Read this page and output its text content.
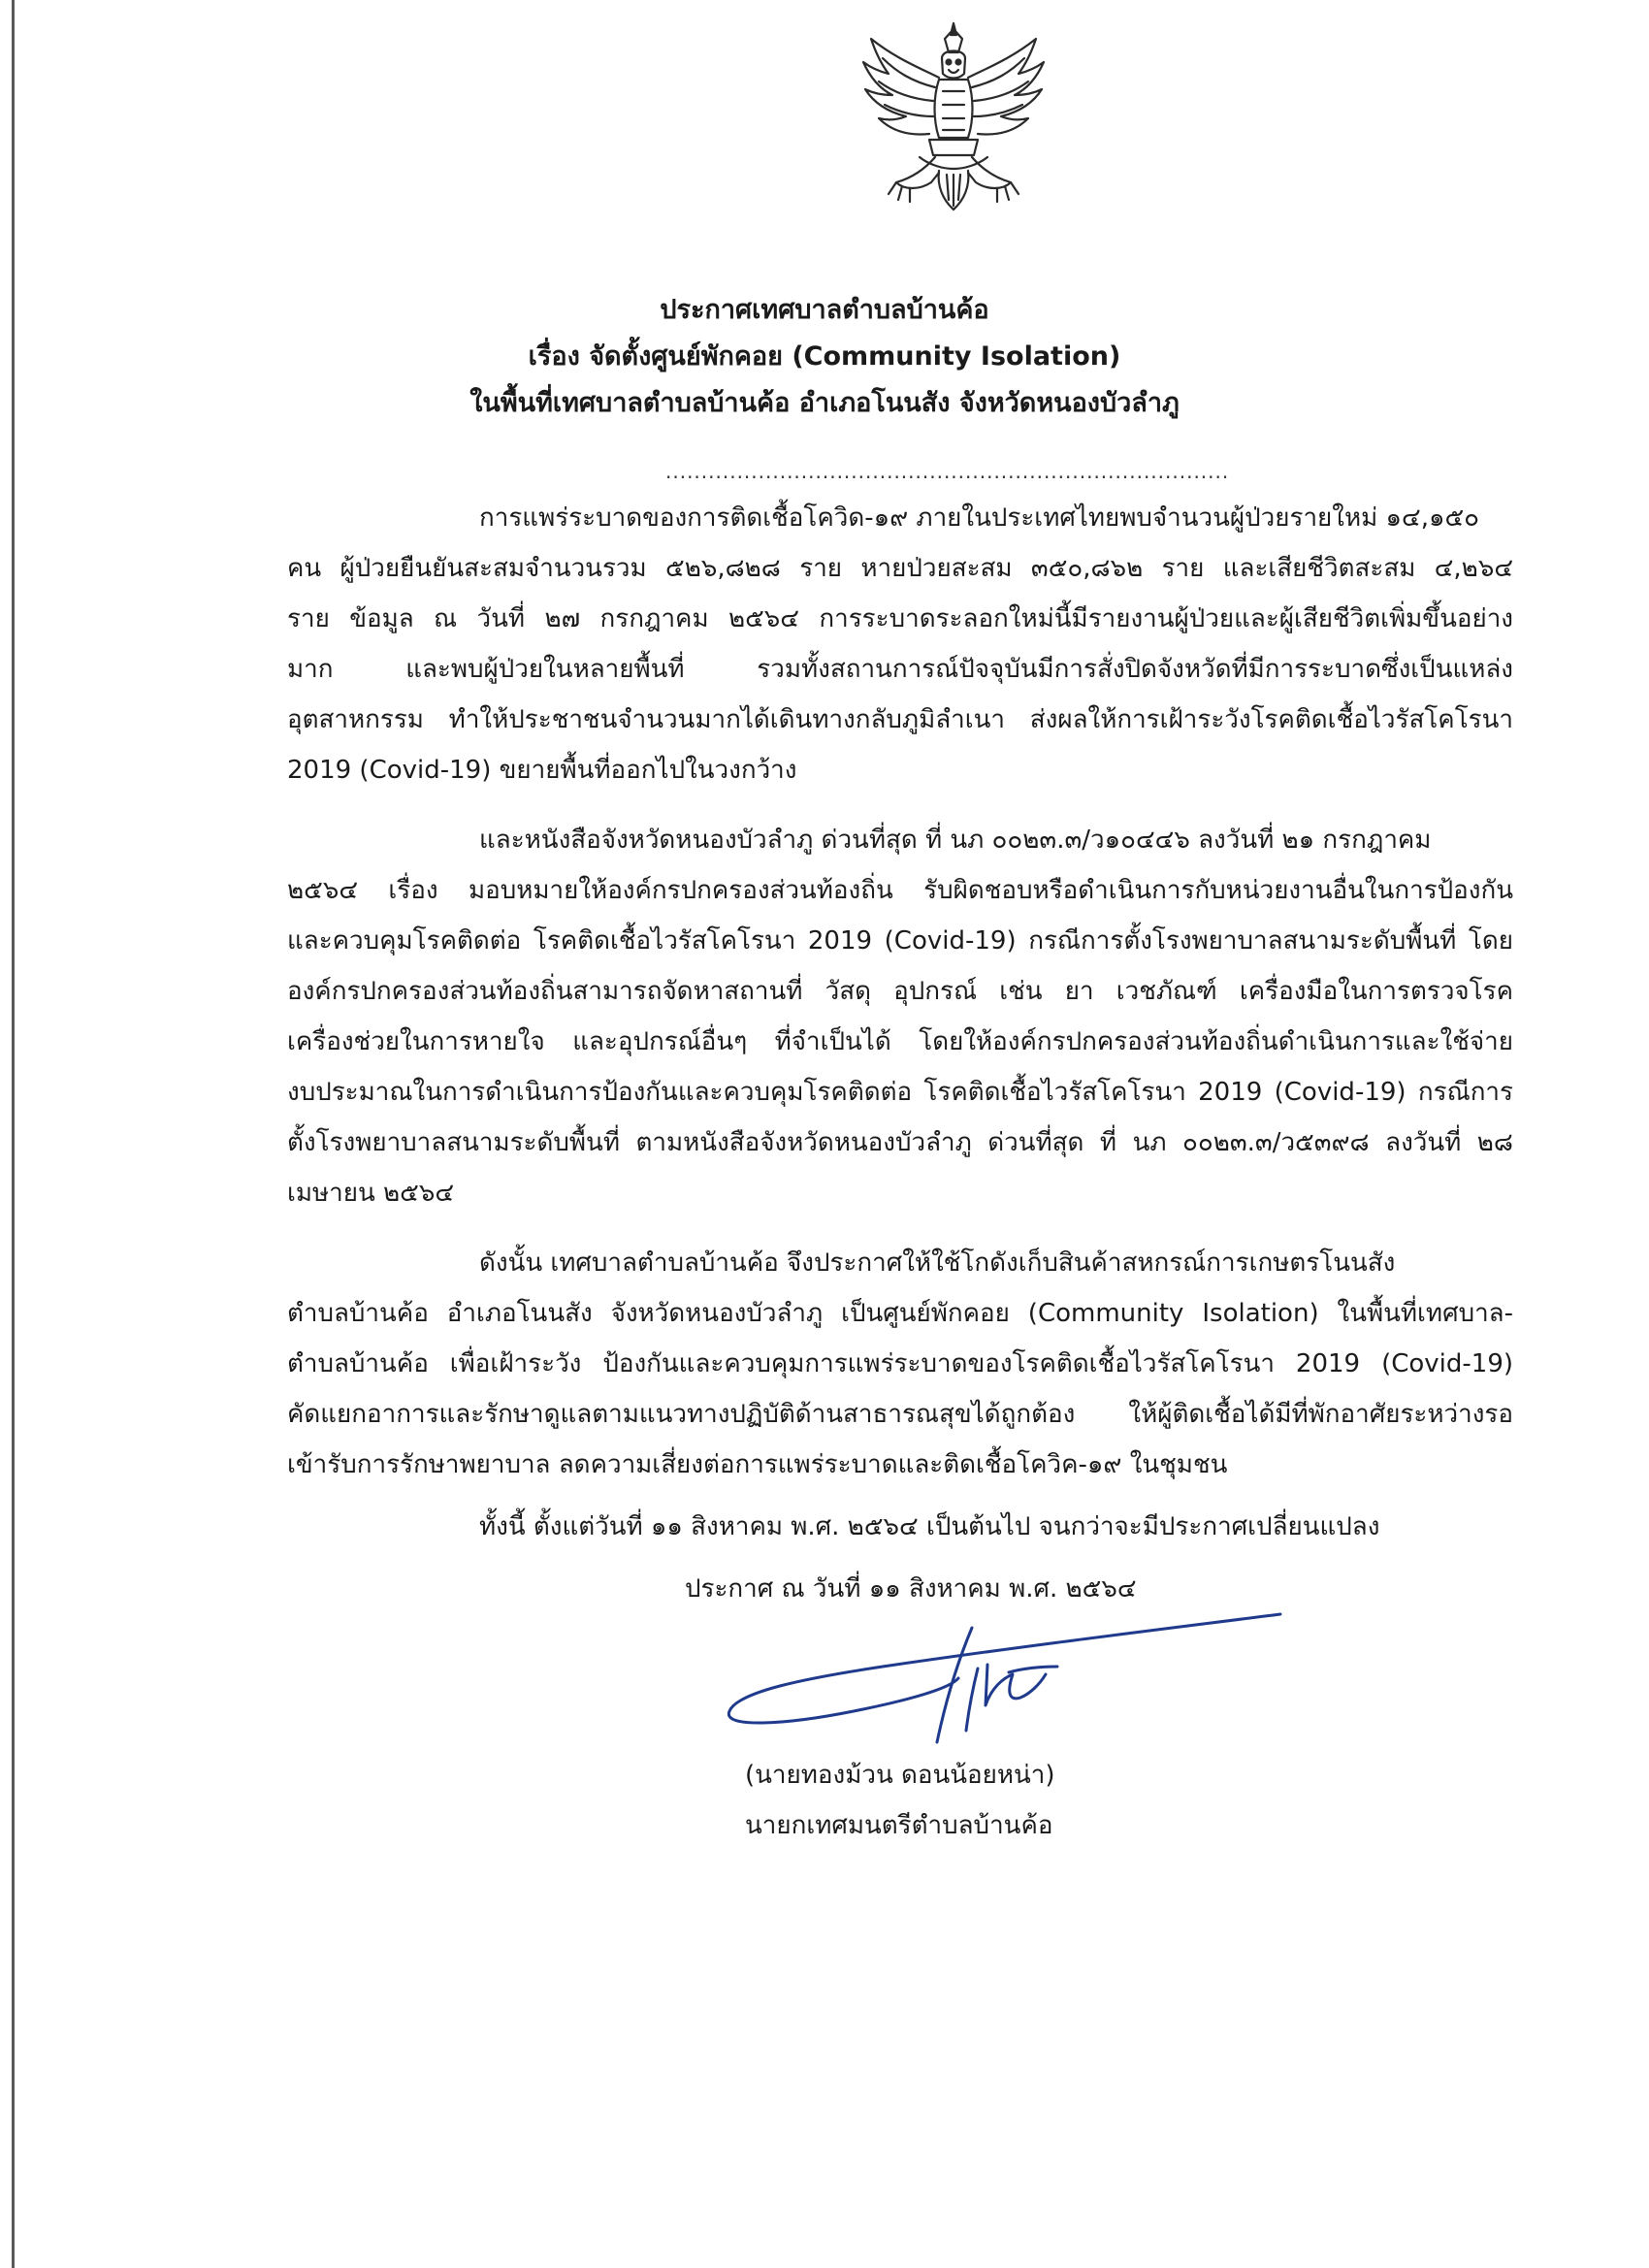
ประกาศเทศบาลตำบลบ้านค้อ
เรื่อง จัดตั้งศูนย์พักคอย (Community Isolation)
ในพื้นที่เทศบาลตำบลบ้านค้อ อำเภอโนนสัง จังหวัดหนองบัวลำภู
...............................................................................
การแพร่ระบาดของการติดเชื้อโควิด-๑๙ ภายในประเทศไทยพบจำนวนผู้ป่วยรายใหม่ ๑๔,๑๕๐
คน ผู้ป่วยยืนยันสะสมจำนวนรวม ๕๒๖,๘๒๘ ราย หายป่วยสะสม ๓๕๐,๘๖๒ ราย และเสียชีวิตสะสม ๔,๒๖๔
ราย ข้อมูล ณ วันที่ ๒๗ กรกฎาคม ๒๕๖๔ การระบาดระลอกใหม่นี้มีรายงานผู้ป่วยและผู้เสียชีวิตเพิ่มขึ้นอย่าง
มาก และพบผู้ป่วยในหลายพื้นที่ รวมทั้งสถานการณ์ปัจจุบันมีการสั่งปิดจังหวัดที่มีการระบาดซึ่งเป็นแหล่ง
อุตสาหกรรม ทำให้ประชาชนจำนวนมากได้เดินทางกลับภูมิลำเนา ส่งผลให้การเฝ้าระวังโรคติดเชื้อไวรัสโคโรนา
2019 (Covid-19) ขยายพื้นที่ออกไปในวงกว้าง
และหนังสือจังหวัดหนองบัวลำภู ด่วนที่สุด ที่ นภ ๐๐๒๓.๓/ว๑๐๔๔๖ ลงวันที่ ๒๑ กรกฎาคม
๒๕๖๔ เรื่อง มอบหมายให้องค์กรปกครองส่วนท้องถิ่น รับผิดชอบหรือดำเนินการกับหน่วยงานอื่นในการป้องกัน
และควบคุมโรคติดต่อ โรคติดเชื้อไวรัสโคโรนา 2019 (Covid-19) กรณีการตั้งโรงพยาบาลสนามระดับพื้นที่ โดย
องค์กรปกครองส่วนท้องถิ่นสามารถจัดหาสถานที่ วัสดุ อุปกรณ์ เช่น ยา เวชภัณฑ์ เครื่องมือในการตรวจโรค
เครื่องช่วยในการหายใจ และอุปกรณ์อื่นๆ ที่จำเป็นได้ โดยให้องค์กรปกครองส่วนท้องถิ่นดำเนินการและใช้จ่าย
งบประมาณในการดำเนินการป้องกันและควบคุมโรคติดต่อ โรคติดเชื้อไวรัสโคโรนา 2019 (Covid-19) กรณีการ
ตั้งโรงพยาบาลสนามระดับพื้นที่ ตามหนังสือจังหวัดหนองบัวลำภู ด่วนที่สุด ที่ นภ ๐๐๒๓.๓/ว๕๓๙๘ ลงวันที่ ๒๘
เมษายน ๒๕๖๔
ดังนั้น เทศบาลตำบลบ้านค้อ จึงประกาศให้ใช้โกดังเก็บสินค้าสหกรณ์การเกษตรโนนสัง
ตำบลบ้านค้อ อำเภอโนนสัง จังหวัดหนองบัวลำภู เป็นศูนย์พักคอย (Community Isolation) ในพื้นที่เทศบาล-
ตำบลบ้านค้อ เพื่อเฝ้าระวัง ป้องกันและควบคุมการแพร่ระบาดของโรคติดเชื้อไวรัสโคโรนา 2019 (Covid-19)
คัดแยกอาการและรักษาดูแลตามแนวทางปฏิบัติด้านสาธารณสุขได้ถูกต้อง ให้ผู้ติดเชื้อได้มีที่พักอาศัยระหว่างรอ
เข้ารับการรักษาพยาบาล ลดความเสี่ยงต่อการแพร่ระบาดและติดเชื้อโควิค-๑๙ ในชุมชน
ทั้งนี้ ตั้งแต่วันที่ ๑๑ สิงหาคม พ.ศ. ๒๕๖๔ เป็นต้นไป จนกว่าจะมีประกาศเปลี่ยนแปลง
ประกาศ ณ วันที่ ๑๑ สิงหาคม พ.ศ. ๒๕๖๔
(นายทองม้วน ดอนน้อยหน่า)
นายกเทศมนตรีตำบลบ้านค้อ
